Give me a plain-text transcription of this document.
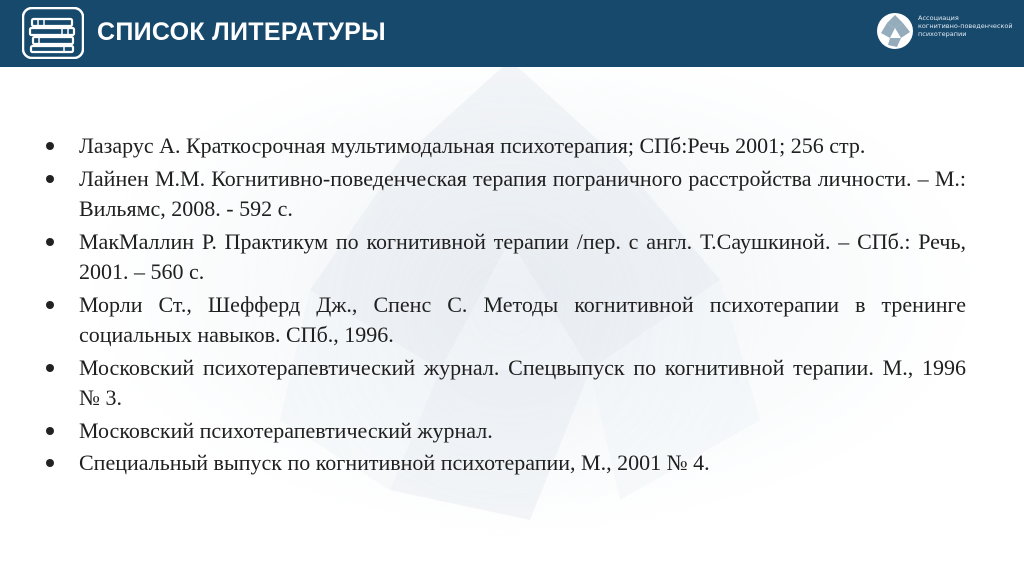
СПИСОК ЛИТЕРАТУРЫ	Ассоциация
когнитивно-поведенческой
психотерапии
Лазарус А. Краткосрочная мультимодальная психотерапия; СПб:Речь 2001; 256 стр.
Лайнен М.М. Когнитивно-поведенческая терапия пограничного расстройства личности. – М.: Вильямс, 2008. - 592 с.
МакМаллин Р. Практикум по когнитивной терапии /пер. с англ. Т.Саушкиной. – СПб.: Речь, 2001. – 560 с.
Морли Ст., Шефферд Дж., Спенс С. Методы когнитивной психотерапии в тренинге социальных навыков. СПб., 1996.
Московский психотерапевтический журнал. Спецвыпуск по когнитивной терапии. М., 1996 № 3.
Московский психотерапевтический журнал.
Специальный выпуск по когнитивной психотерапии, М., 2001 № 4.
